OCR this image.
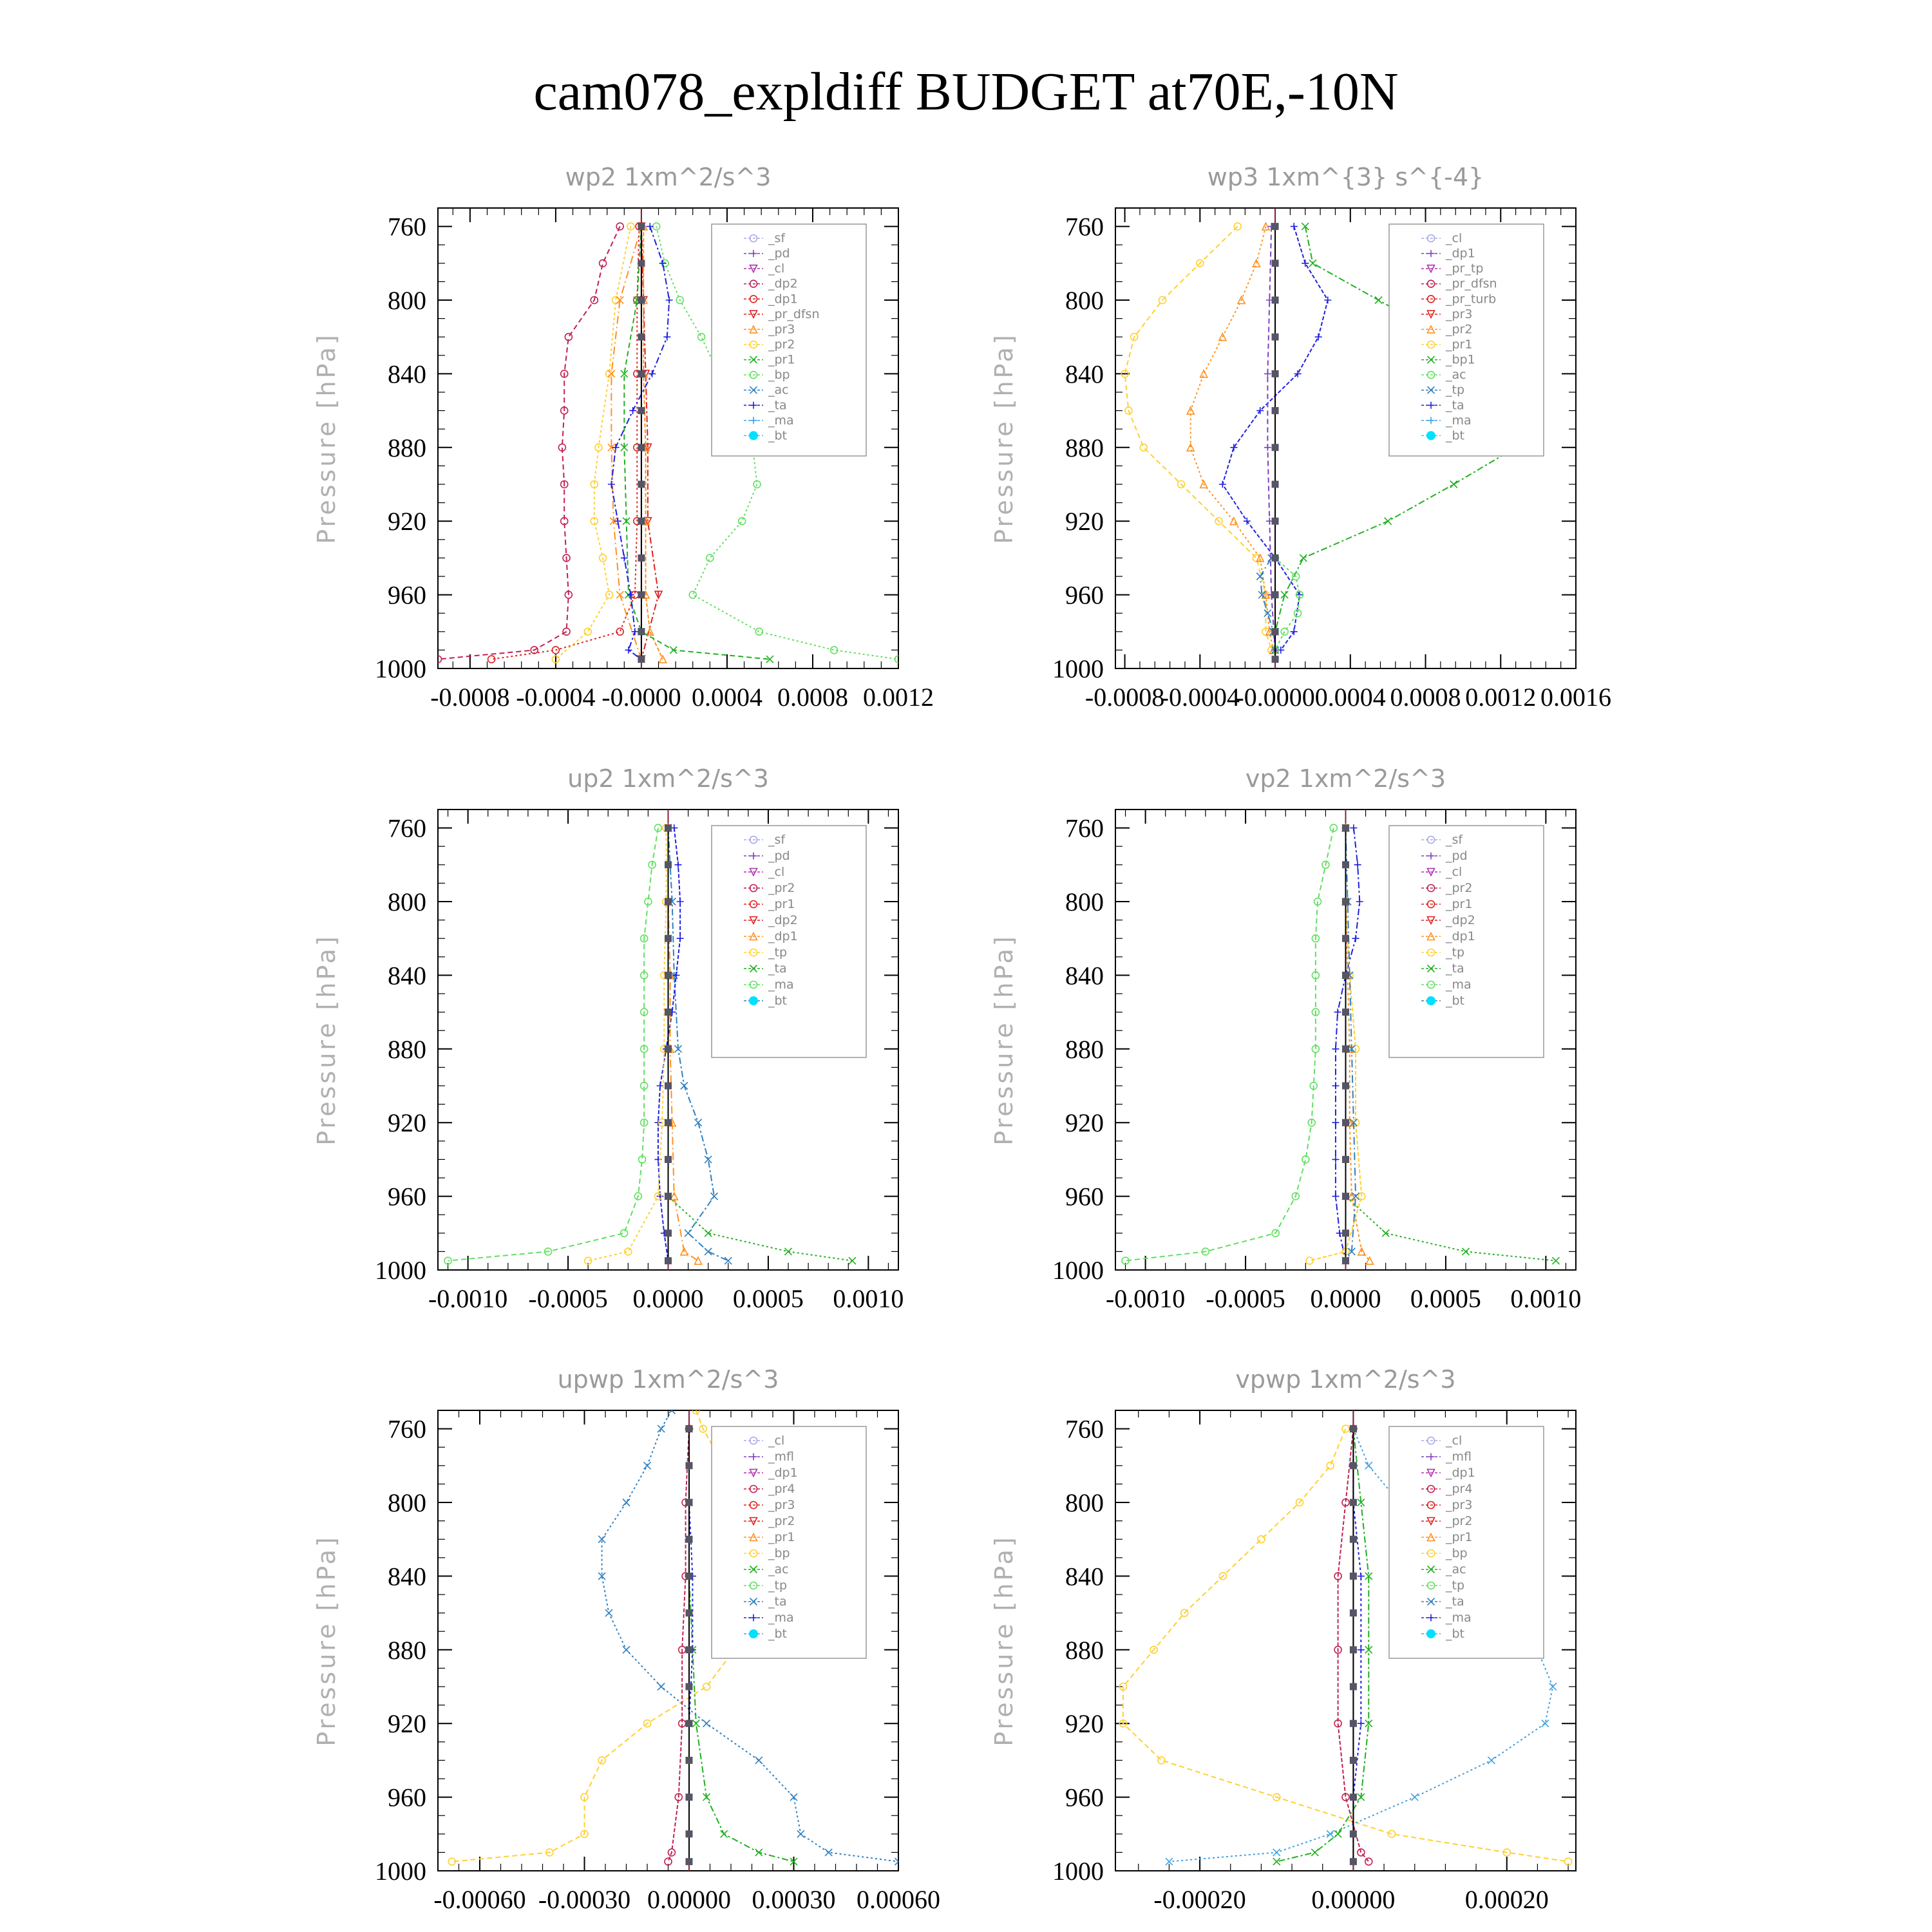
cam078_expldiff BUDGET at70E,-10N
wp2 1xm^2/s^3
Pressure [hPa]
760
800
840
880
920
960
1000
-0.0008 -0.0004 -0.0000 0.0004 0.0008 0.0012
_sf
_pd
_cl
_dp2
_dp1
_pr_dfsn
_pr3
_pr2
_pr1
_bp
_ac
_ta
_ma
_bt
wp3 1xm^{3} s^{-4}
Pressure [hPa]
760
800
840
880
920
960
1000
-0.0008
-0.0004
-0.0000 0.0004 0.0008 0.0012 0.0016
_cl
_dp1
_pr_tp
_pr_dfsn
_pr_turb
_pr3
_pr2
_pr1
_bp1
_ac
_tp
_ta
_ma
_bt
up2 1xm^2/s^3
Pressure [hPa]
760
800
840
880
920
960
1000
-0.0010 -0.0005 0.0000 0.0005 0.0010
_sf
_pd
_cl
_pr2
_pr1
_dp2
_dp1
_tp
_ta
_ma
_bt
vp2 1xm^2/s^3
Pressure [hPa]
760
800
840
880
920
960
1000
-0.0010 -0.0005 0.0000 0.0005 0.0010
_sf
_pd
_cl
_pr2
_pr1
_dp2
_dp1
_tp
_ta
_ma
_bt
upwp 1xm^2/s^3
Pressure [hPa]
760
800
840
880
920
960
1000
-0.00060 -0.00030 0.00000 0.00030 0.00060
_cl
_mfl
_dp1
_pr4
_pr3
_pr2
_pr1
_bp
_ac
_tp
_ta
_ma
_bt
vpwp 1xm^2/s^3
Pressure [hPa]
760
800
840
880
920
960
1000
-0.00020	0.00000	0.00020
_cl
_mfl
_dp1
_pr4
_pr3
_pr2
_pr1
_bp
_ac
_tp
_ta
_ma
_bt
